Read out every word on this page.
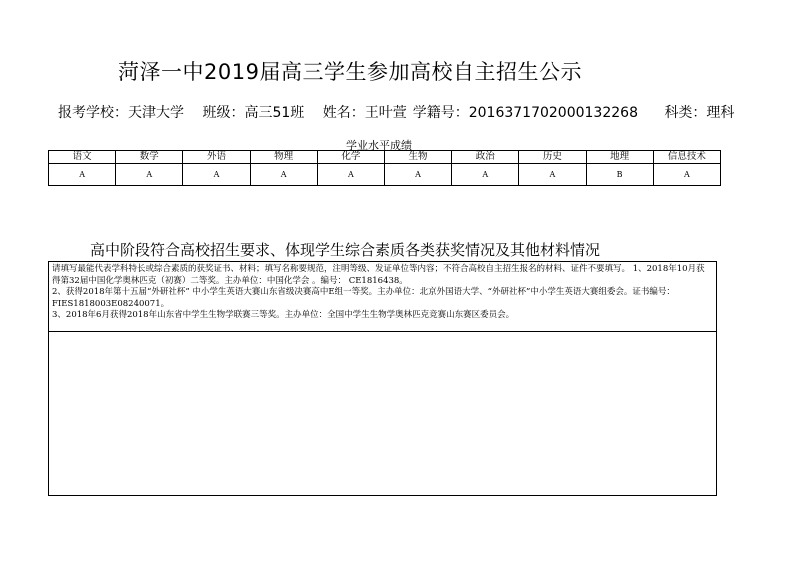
菏泽一中2019届高三学生参加高校自主招生公示
报考学校：天津大学 班级：高三51班 姓名：王叶萱 学籍号：2016371702000132268 科类：理科
学业水平成绩
语文	数学	外语	物理	化学	生物	政治	历史	地理	信息技术
A	A	A	A	A	A	A	A	B	A
高中阶段符合高校招生要求、体现学生综合素质各类获奖情况及其他材料情况

请填写最能代表学科特长或综合素质的获奖证书、材料；填写名称要规范，注明等级、发证单位等内容；不符合高校自主招生报名的材料、证件不要填写。 1、2018年10月获得第32届中国化学奥林匹克（初赛）二等奖。主办单位：中国化学会 。编号： CE1816438。

2、获得2018年第十五届“外研社杯” 中小学生英语大赛山东省级决赛高中E组一等奖。主办单位：北京外国语大学、“外研社杯”中小学生英语大赛组委会。证书编号：FIES1818003E08240071。

3、2018年6月获得2018年山东省中学生生物学联赛三等奖。主办单位：全国中学生生物学奥林匹克竞赛山东赛区委员会。
